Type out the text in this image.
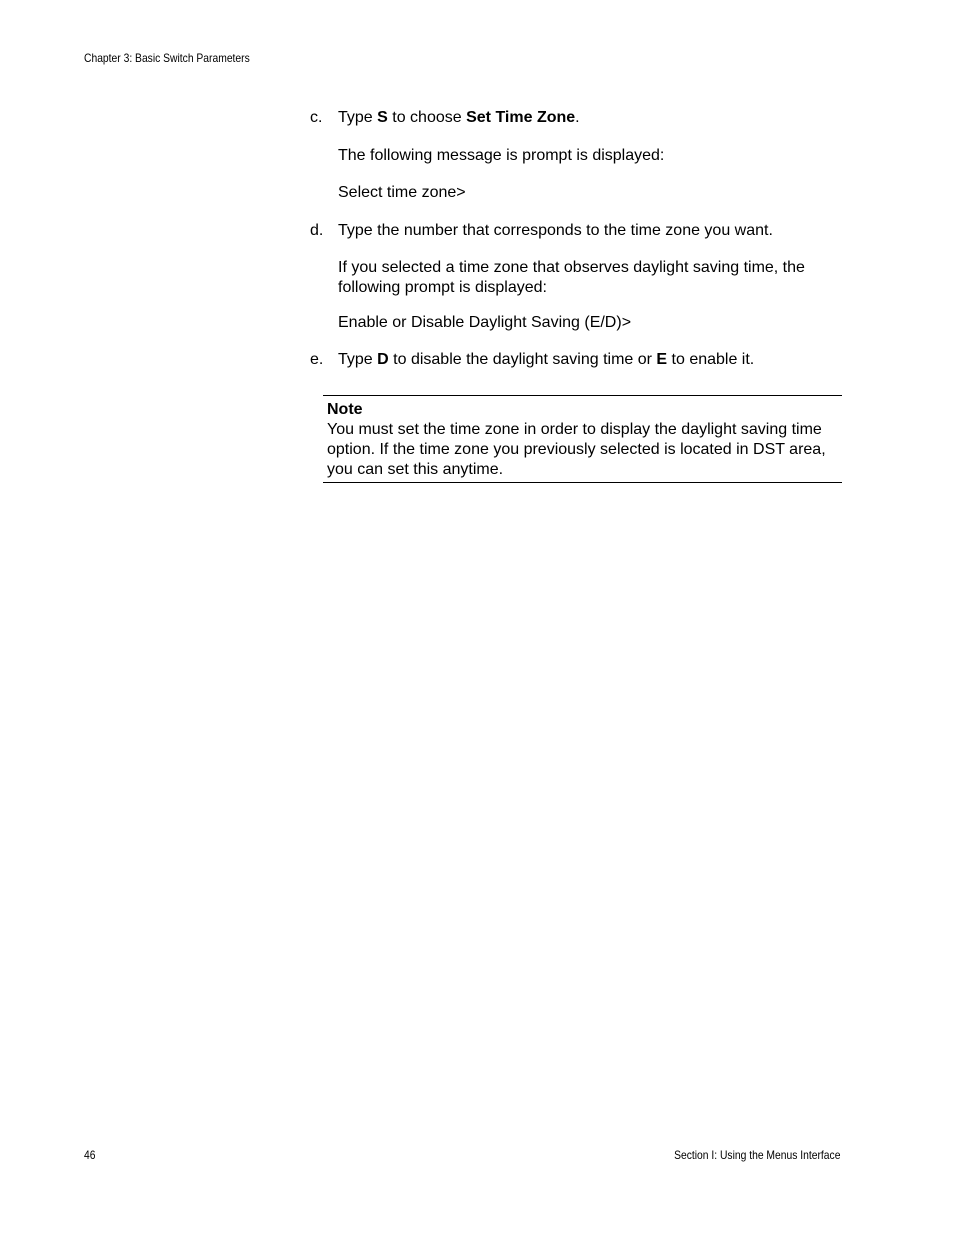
Chapter 3: Basic Switch Parameters
c. Type S to choose Set Time Zone.
The following message is prompt is displayed:
Select time zone>
d. Type the number that corresponds to the time zone you want.
If you selected a time zone that observes daylight saving time, the following prompt is displayed:
Enable or Disable Daylight Saving (E/D)>
e. Type D to disable the daylight saving time or E to enable it.
Note
You must set the time zone in order to display the daylight saving time option. If the time zone you previously selected is located in DST area, you can set this anytime.
46	Section I: Using the Menus Interface
